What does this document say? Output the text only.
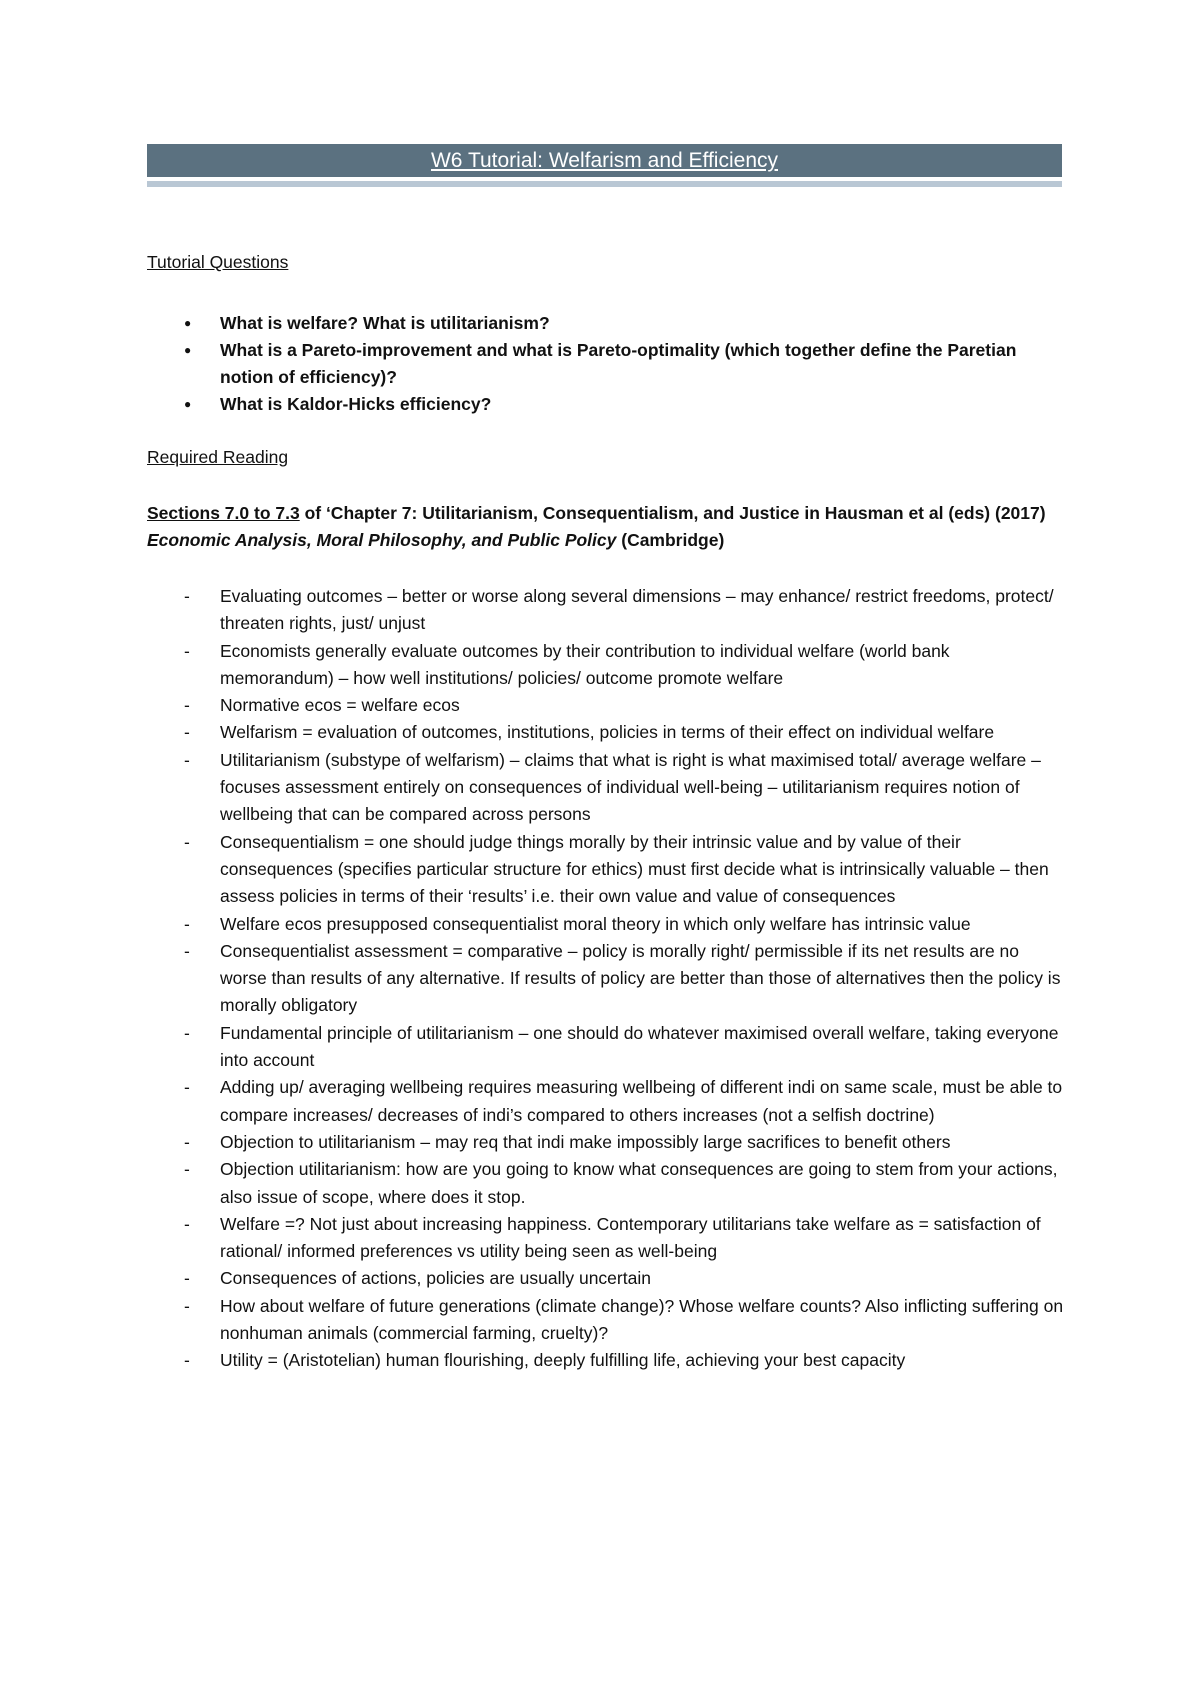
W6 Tutorial: Welfarism and Efficiency
Tutorial Questions
● What is welfare? What is utilitarianism?
● What is a Pareto-improvement and what is Pareto-optimality (which together define the Paretian notion of efficiency)?
● What is Kaldor-Hicks efficiency?
Required Reading
Sections 7.0 to 7.3 of ‘Chapter 7: Utilitarianism, Consequentialism, and Justice in Hausman et al (eds) (2017) Economic Analysis, Moral Philosophy, and Public Policy (Cambridge)
- Evaluating outcomes – better or worse along several dimensions – may enhance/ restrict freedoms, protect/ threaten rights, just/ unjust
- Economists generally evaluate outcomes by their contribution to individual welfare (world bank memorandum) – how well institutions/ policies/ outcome promote welfare
- Normative ecos = welfare ecos
- Welfarism = evaluation of outcomes, institutions, policies in terms of their effect on individual welfare
- Utilitarianism (substype of welfarism) – claims that what is right is what maximised total/ average welfare – focuses assessment entirely on consequences of individual well-being – utilitarianism requires notion of wellbeing that can be compared across persons
- Consequentialism = one should judge things morally by their intrinsic value and by value of their consequences (specifies particular structure for ethics) must first decide what is intrinsically valuable – then assess policies in terms of their ‘results’ i.e. their own value and value of consequences
- Welfare ecos presupposed consequentialist moral theory in which only welfare has intrinsic value
- Consequentialist assessment = comparative – policy is morally right/ permissible if its net results are no worse than results of any alternative. If results of policy are better than those of alternatives then the policy is morally obligatory
- Fundamental principle of utilitarianism – one should do whatever maximised overall welfare, taking everyone into account
- Adding up/ averaging wellbeing requires measuring wellbeing of different indi on same scale, must be able to compare increases/ decreases of indi’s compared to others increases (not a selfish doctrine)
- Objection to utilitarianism – may req that indi make impossibly large sacrifices to benefit others
- Objection utilitarianism: how are you going to know what consequences are going to stem from your actions, also issue of scope, where does it stop.
- Welfare =? Not just about increasing happiness. Contemporary utilitarians take welfare as = satisfaction of rational/ informed preferences vs utility being seen as well-being
- Consequences of actions, policies are usually uncertain
- How about welfare of future generations (climate change)? Whose welfare counts? Also inflicting suffering on nonhuman animals (commercial farming, cruelty)?
- Utility = (Aristotelian) human flourishing, deeply fulfilling life, achieving your best capacity
